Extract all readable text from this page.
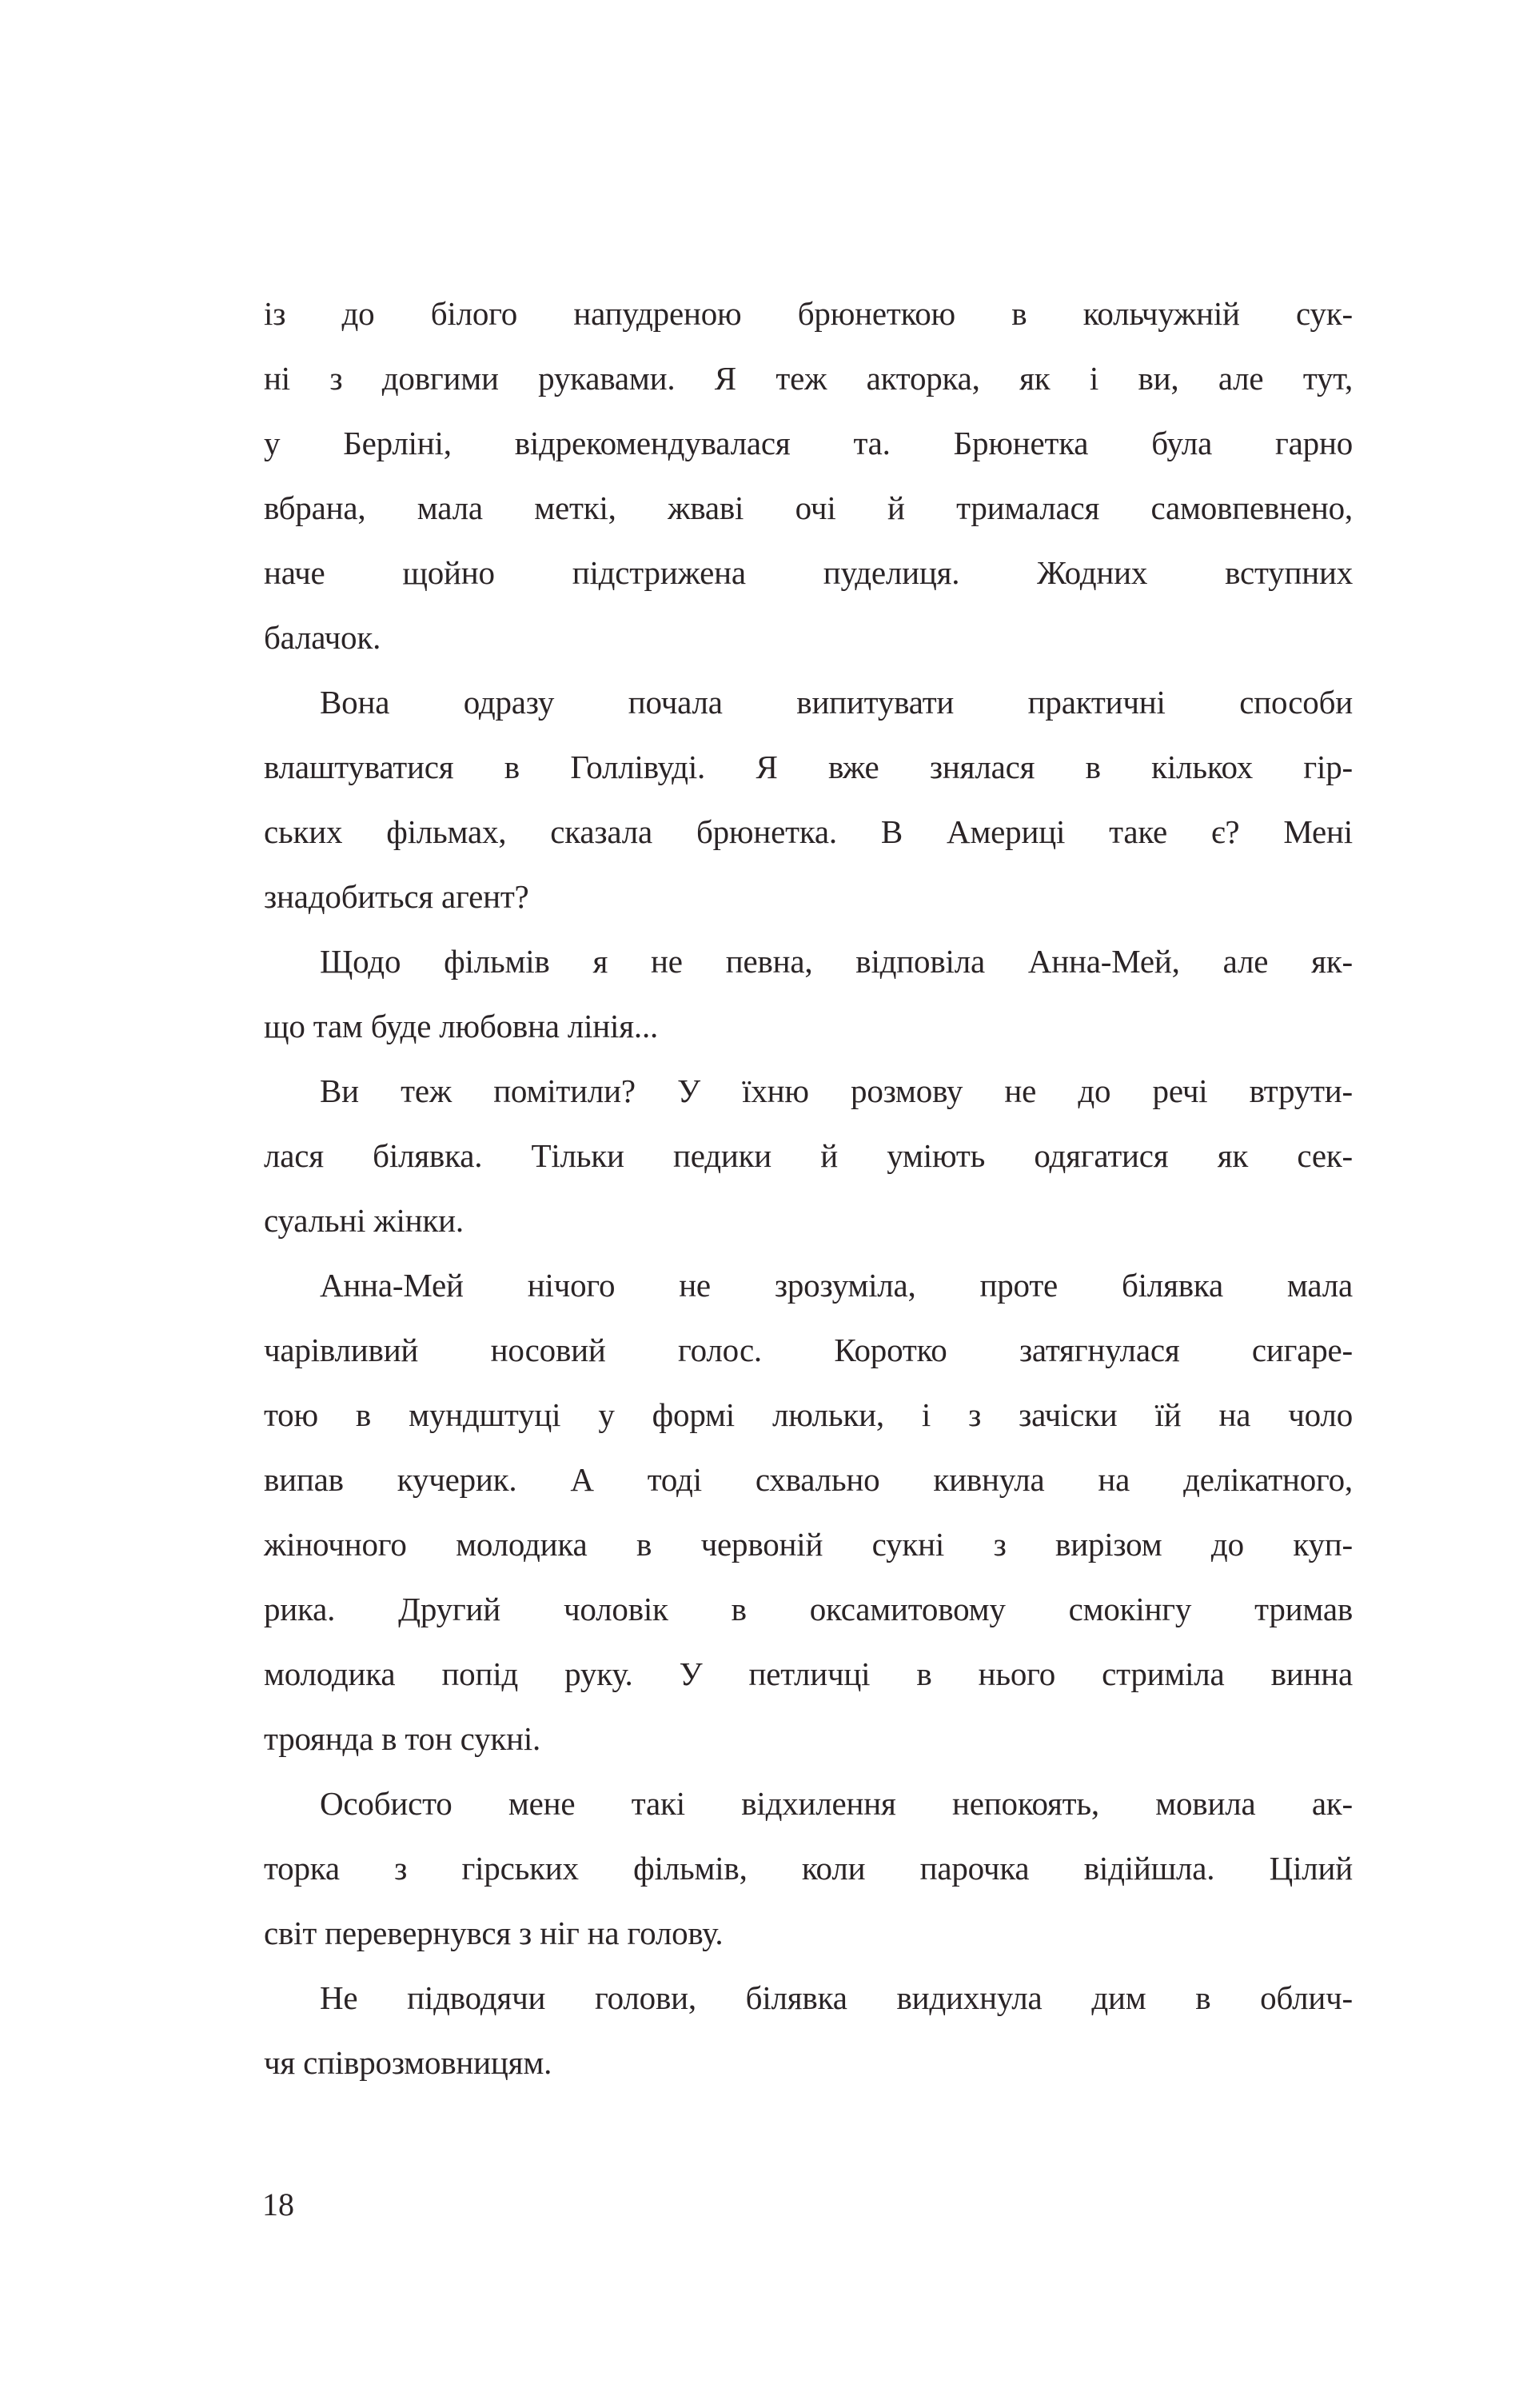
із до білого напудреною брюнеткою в кольчужній сук-
ні з довгими рукавами. Я теж акторка, як і ви, але тут,
у Берліні, відрекомендувалася та. Брюнетка була гарно
вбрана, мала меткі, жваві очі й трималася самовпевнено,
наче щойно підстрижена пуделиця. Жодних вступних
балачок.

Вона одразу почала випитувати практичні способи
влаштуватися в Голлівуді. Я вже знялася в кількох гір-
ських фільмах, сказала брюнетка. В Америці таке є? Мені
знадобиться агент?

Щодо фільмів я не певна, відповіла Анна-Мей, але як-
що там буде любовна лінія...

Ви теж помітили? У їхню розмову не до речі втрути-
лася білявка. Тільки педики й уміють одягатися як сек-
суальні жінки.

Анна-Мей нічого не зрозуміла, проте білявка мала
чарівливий носовий голос. Коротко затягнулася сигаре-
тою в мундштуці у формі люльки, і з зачіски їй на чоло
випав кучерик. А тоді схвально кивнула на делікатного,
жіночного молодика в червоній сукні з вирізом до куп-
рика. Другий чоловік в оксамитовому смокінгу тримав
молодика попід руку. У петличці в нього стриміла винна
троянда в тон сукні.

Особисто мене такі відхилення непокоять, мовила ак-
торка з гірських фільмів, коли парочка відійшла. Цілий
світ перевернувся з ніг на голову.

Не підводячи голови, білявка видихнула дим в облич-
чя співрозмовницям.

18
